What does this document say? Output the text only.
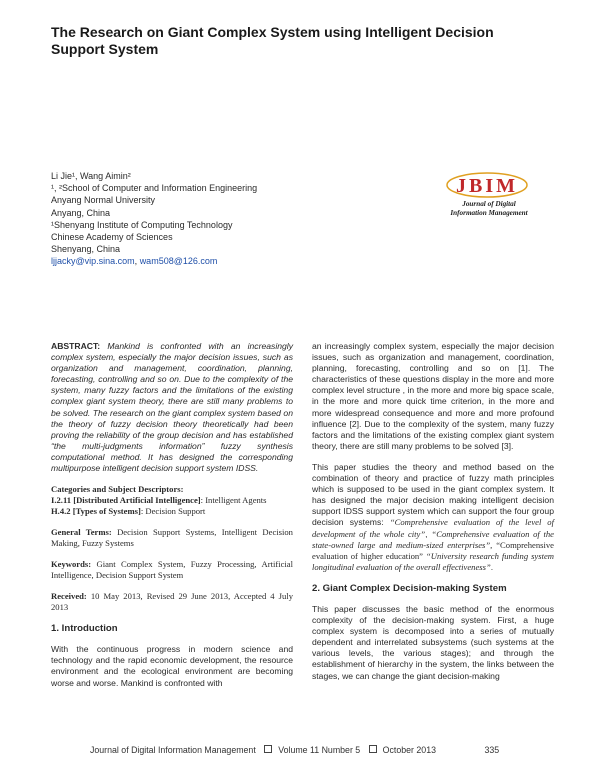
The Research on Giant Complex System using Intelligent Decision Support System
Li Jie¹, Wang Aimin²
¹, ²School of Computer and Information Engineering
Anyang Normal University
Anyang, China
¹Shenyang Institute of Computing Technology
Chinese Academy of Sciences
Shenyang, China
ljjacky@vip.sina.com, wam508@126.com
JBIM
Journal of Digital
Information Management

ABSTRACT: Mankind is confronted with an increasingly complex system, especially the major decision issues, such as organization and management, coordination, planning, forecasting, controlling and so on. Due to the complexity of the system, many fuzzy factors and the limitations of the existing complex giant system theory, there are still many problems to be solved. The research on the giant complex system based on the theory of fuzzy decision theory theoretically had been proving the reliability of the group decision and has established “the multi-judgments information” fuzzy synthesis computational method. It has designed the corresponding multipurpose intelligent decision support system IDSS.

Categories and Subject Descriptors:
I.2.11 [Distributed Artificial Intelligence]: Intelligent Agents
H.4.2 [Types of Systems]: Decision Support

General Terms: Decision Support Systems, Intelligent Decision Making, Fuzzy Systems

Keywords: Giant Complex System, Fuzzy Processing, Artificial Intelligence, Decision Support System

Received: 10 May 2013, Revised 29 June 2013, Accepted 4 July 2013

1. Introduction

With the continuous progress in modern science and technology and the rapid economic development, the resource environment and the ecological environment are becoming worse and worse. Mankind is confronted with

an increasingly complex system, especially the major decision issues, such as organization and management, coordination, planning, forecasting, controlling and so on [1]. The characteristics of these questions display in the more and more complex level structure , in the more and more big space scale, in the more and more quick time criterion, in the more and more widespread consequence and more and more profound influence [2]. Due to the complexity of the system, many fuzzy factors and the limitations of the existing complex giant system theory, there are still many problems to be solved [3].

This paper studies the theory and method based on the combination of theory and practice of fuzzy math principles which is supposed to be used in the giant complex system. It has designed the major decision making intelligent decision support IDSS support system which can support the four group decision systems: “Comprehensive evaluation of the level of development of the whole city”, “Comprehensive evaluation of the state-owned large and medium-sized enterprises”, “Comprehensive evaluation of higher education” “University research funding system longitudinal evaluation of the overall effectiveness”.

2. Giant Complex Decision-making System

This paper discusses the basic method of the enormous complexity of the decision-making system. First, a huge complex system is decomposed into a series of mutually dependent and interrelated subsystems (such systems at the various levels, the various stages); and through the establishment of hierarchy in the system, the links between the stages, we can change the giant decision-making

Journal of Digital Information Management	Volume 11 Number 5	October 2013	335
